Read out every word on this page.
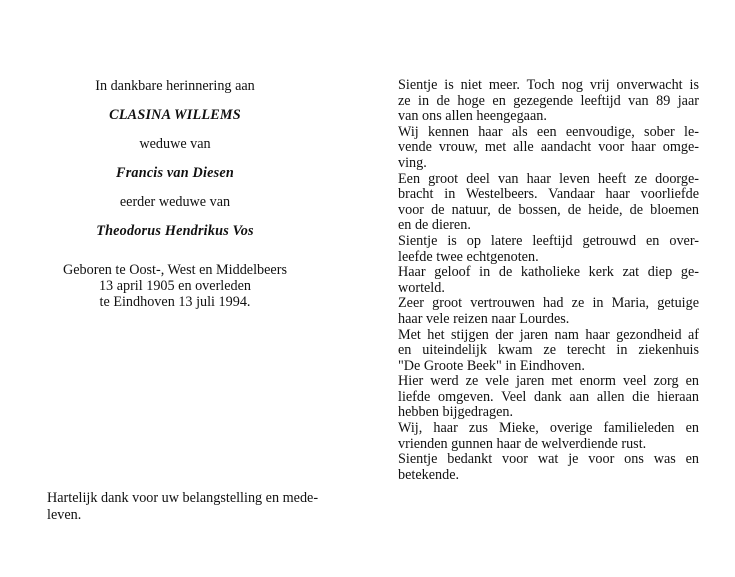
In dankbare herinnering aan
CLASINA WILLEMS
weduwe van
Francis van Diesen
eerder weduwe van
Theodorus Hendrikus Vos
Geboren te Oost-, West en Middelbeers
13 april 1905 en overleden
te Eindhoven 13 juli 1994.
Hartelijk dank voor uw belangstelling en mede-
leven.
Sientje is niet meer. Toch nog vrij onverwacht is
ze in de hoge en gezegende leeftijd van 89 jaar
van ons allen heengegaan.
Wij kennen haar als een eenvoudige, sober le-
vende vrouw, met alle aandacht voor haar omge-
ving.
Een groot deel van haar leven heeft ze doorge-
bracht in Westelbeers. Vandaar haar voorliefde
voor de natuur, de bossen, de heide, de bloemen
en de dieren.
Sientje is op latere leeftijd getrouwd en over-
leefde twee echtgenoten.
Haar geloof in de katholieke kerk zat diep ge-
worteld.
Zeer groot vertrouwen had ze in Maria, getuige
haar vele reizen naar Lourdes.
Met het stijgen der jaren nam haar gezondheid af
en uiteindelijk kwam ze terecht in ziekenhuis
"De Groote Beek" in Eindhoven.
Hier werd ze vele jaren met enorm veel zorg en
liefde omgeven. Veel dank aan allen die hieraan
hebben bijgedragen.
Wij, haar zus Mieke, overige familieleden en
vrienden gunnen haar de welverdiende rust.
Sientje bedankt voor wat je voor ons was en
betekende.
